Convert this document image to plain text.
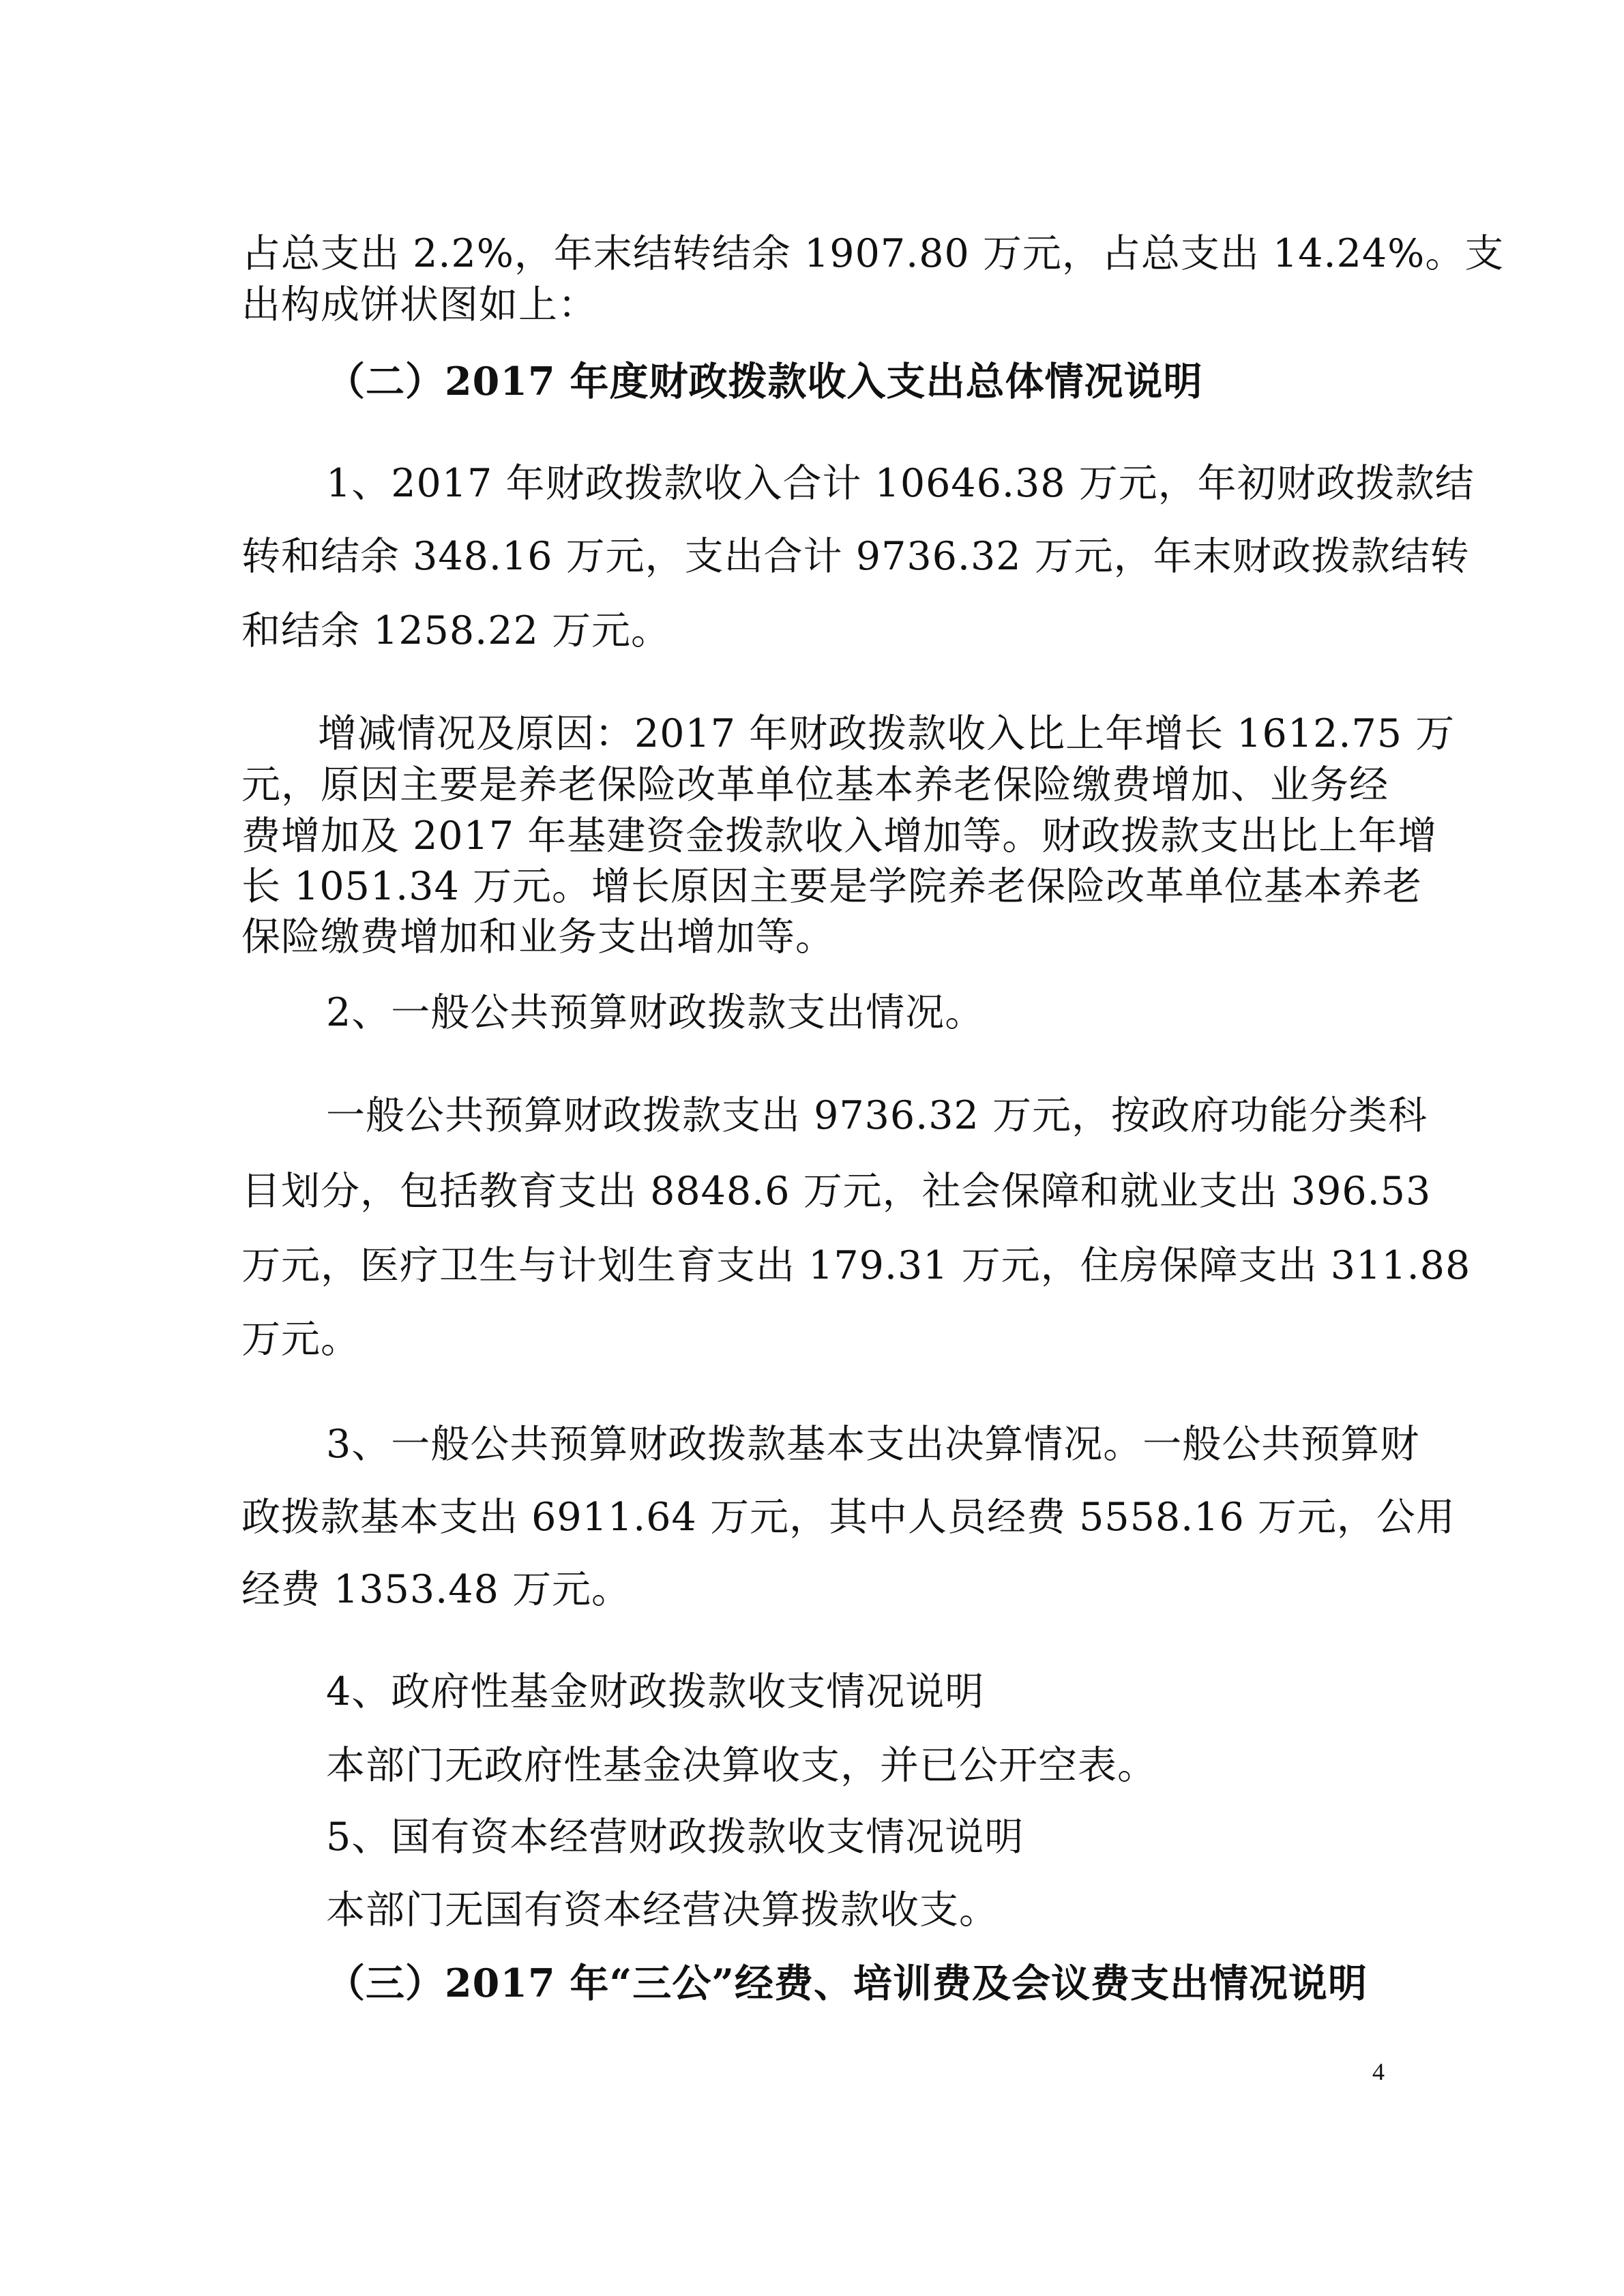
占总支出 2.2%，年末结转结余 1907.80 万元，占总支出 14.24%。支
出构成饼状图如上：
（二）2017 年度财政拨款收入支出总体情况说明
1、2017 年财政拨款收入合计 10646.38 万元，年初财政拨款结
转和结余 348.16 万元，支出合计 9736.32 万元，年末财政拨款结转
和结余 1258.22 万元。
增减情况及原因：2017 年财政拨款收入比上年增长 1612.75 万
元，原因主要是养老保险改革单位基本养老保险缴费增加、业务经
费增加及 2017 年基建资金拨款收入增加等。财政拨款支出比上年增
长 1051.34 万元。增长原因主要是学院养老保险改革单位基本养老
保险缴费增加和业务支出增加等。
2、一般公共预算财政拨款支出情况。
一般公共预算财政拨款支出 9736.32 万元，按政府功能分类科
目划分，包括教育支出 8848.6 万元，社会保障和就业支出 396.53
万元，医疗卫生与计划生育支出 179.31 万元，住房保障支出 311.88
万元。
3、一般公共预算财政拨款基本支出决算情况。一般公共预算财
政拨款基本支出 6911.64 万元，其中人员经费 5558.16 万元，公用
经费 1353.48 万元。
4、政府性基金财政拨款收支情况说明
本部门无政府性基金决算收支，并已公开空表。
5、国有资本经营财政拨款收支情况说明
本部门无国有资本经营决算拨款收支。
（三）2017 年“三公”经费、培训费及会议费支出情况说明
4
